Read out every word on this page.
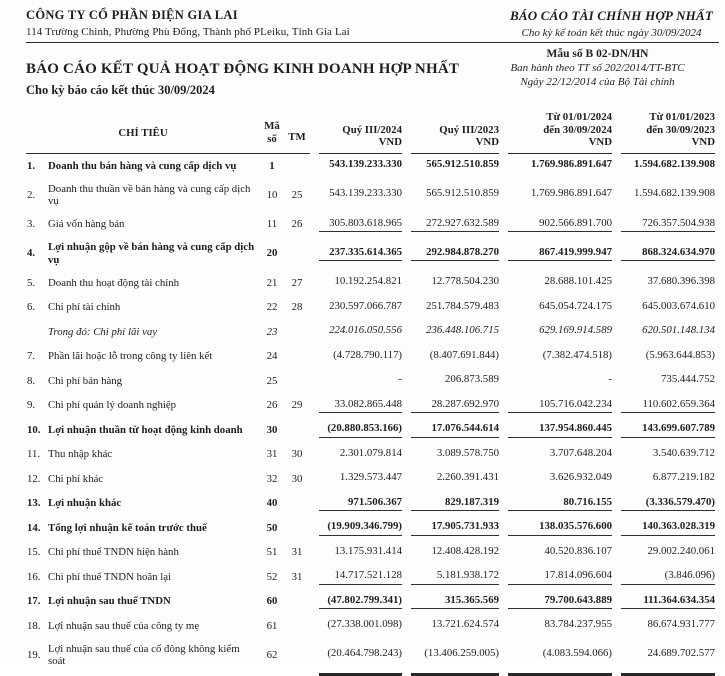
CÔNG TY CỔ PHẦN ĐIỆN GIA LAI
114 Trường Chinh, Phường Phù Đổng, Thành phố PLeiku, Tỉnh Gia Lai
BÁO CÁO TÀI CHÍNH HỢP NHẤT
Cho kỳ kế toán kết thúc ngày 30/09/2024
BÁO CÁO KẾT QUẢ HOẠT ĐỘNG KINH DOANH HỢP NHẤT
Cho kỳ báo cáo kết thúc 30/09/2024
Mẫu số B 02-DN/HN
Ban hành theo TT số 202/2014/TT-BTC
Ngày 22/12/2014 của Bộ Tài chính
CHỈ TIÊU	Mã số	TM	
Quý III/2024
VND

Quý III/2023
VND

Từ 01/01/2024
đến 30/09/2024
VND

Từ 01/01/2023
đến 30/09/2023
VND

1.	Doanh thu bán hàng và cung cấp dịch vụ	1		543.139.233.330	565.912.510.859	1.769.986.891.647	1.594.682.139.908

2.	Doanh thu thuần về bán hàng và cung cấp dịch vụ	10	25	543.139.233.330	565.912.510.859	1.769.986.891.647	1.594.682.139.908

3.	Giá vốn hàng bán	11	26	305.803.618.965	272.927.632.589	902.566.891.700	726.357.504.938

4.	Lợi nhuận gộp về bán hàng và cung cấp dịch vụ	20		237.335.614.365	292.984.878.270	867.419.999.947	868.324.634.970

5.	Doanh thu hoạt động tài chính	21	27	10.192.254.821	12.778.504.230	28.688.101.425	37.680.396.398

6.	Chi phí tài chính	22	28	230.597.066.787	251.784.579.483	645.054.724.175	645.003.674.610

	Trong đó: Chi phí lãi vay	23		224.016.050.556	236.448.106.715	629.169.914.589	620.501.148.134

7.	Phần lãi hoặc lỗ trong công ty liên kết	24		(4.728.790.117)	(8.407.691.844)	(7.382.474.518)	(5.963.644.853)

8.	Chi phí bán hàng	25		-	206.873.589	-	735.444.752

9.	Chi phí quản lý doanh nghiệp	26	29	33.082.865.448	28.287.692.970	105.716.042.234	110.602.659.364

10.	Lợi nhuận thuần từ hoạt động kinh doanh	30		(20.880.853.166)	17.076.544.614	137.954.860.445	143.699.607.789

11.	Thu nhập khác	31	30	2.301.079.814	3.089.578.750	3.707.648.204	3.540.639.712

12.	Chi phí khác	32	30	1.329.573.447	2.260.391.431	3.626.932.049	6.877.219.182

13.	Lợi nhuận khác	40		971.506.367	829.187.319	80.716.155	(3.336.579.470)

14.	Tổng lợi nhuận kế toán trước thuế	50		(19.909.346.799)	17.905.731.933	138.035.576.600	140.363.028.319

15.	Chi phí thuế TNDN hiện hành	51	31	13.175.931.414	12.408.428.192	40.520.836.107	29.002.240.061

16.	Chi phí thuế TNDN hoãn lại	52	31	14.717.521.128	5.181.938.172	17.814.096.604	(3.846.096)

17.	Lợi nhuận sau thuế TNDN	60		(47.802.799.341)	315.365.569	79.700.643.889	111.364.634.354

18.	Lợi nhuận sau thuế của công ty mẹ	61		(27.338.001.098)	13.721.624.574	83.784.237.955	86.674.931.777

19.	Lợi nhuận sau thuế của cổ đông không kiểm soát	62		(20.464.798.243)	(13.406.259.005)	(4.083.594.066)	24.689.702.577
